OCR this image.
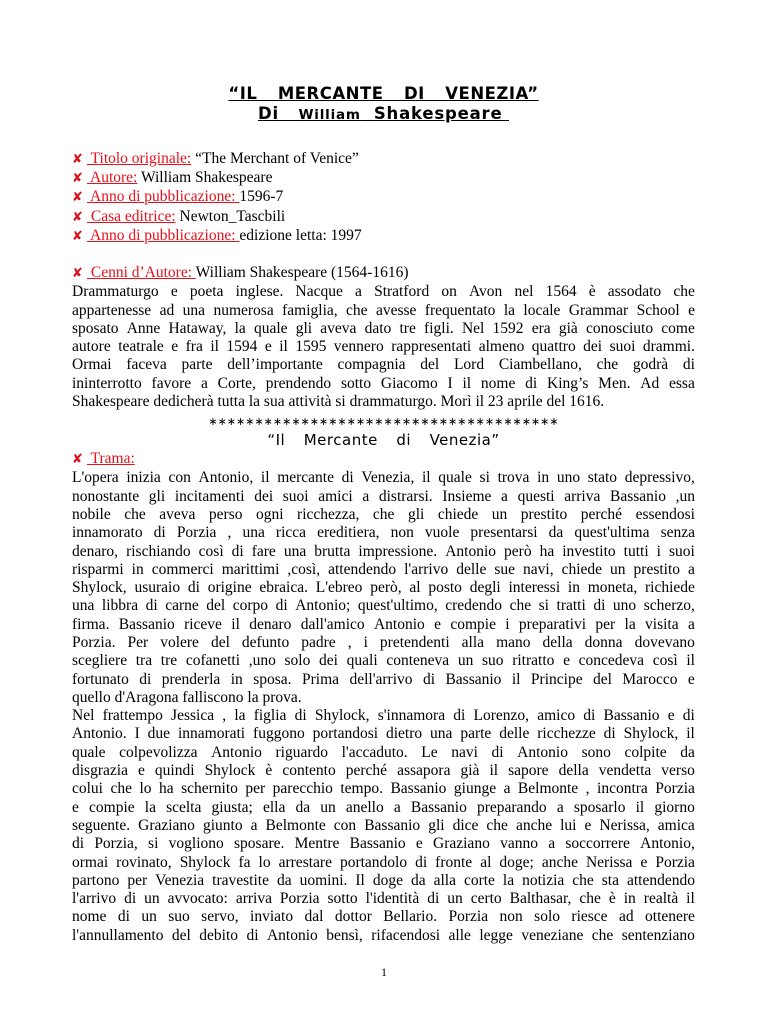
“IL  MERCANTE  DI  VENEZIA”
Di William Shakespeare
✘ Titolo originale: “The Merchant of Venice”
✘ Autore: William Shakespeare
✘ Anno di pubblicazione: 1596-7
✘ Casa editrice: Newton_Tascbili
✘ Anno di pubblicazione: edizione letta: 1997
✘ Cenni d’Autore: William Shakespeare (1564-1616)
Drammaturgo e poeta inglese. Nacque a Stratford on Avon nel 1564 è assodato che
appartenesse ad una numerosa famiglia, che avesse frequentato la locale Grammar School e
sposato Anne Hataway, la quale gli aveva dato tre figli. Nel 1592 era già conosciuto come
autore teatrale e fra il 1594 e il 1595 vennero rappresentati almeno quattro dei suoi drammi.
Ormai faceva parte dell’importante compagnia del Lord Ciambellano, che godrà di
ininterrotto favore a Corte, prendendo sotto Giacomo I il nome di King’s Men. Ad essa
Shakespeare dedicherà tutta la sua attività si drammaturgo. Morì il 23 aprile del 1616.
∗∗∗∗∗∗∗∗∗∗∗∗∗∗∗∗∗∗∗∗∗∗∗∗∗∗∗∗∗∗∗∗∗∗∗∗∗∗
“Il  Mercante  di  Venezia”
✘ Trama:
L'opera inizia con Antonio, il mercante di Venezia, il quale si trova in uno stato depressivo,
nonostante gli incitamenti dei suoi amici a distrarsi. Insieme a questi arriva Bassanio ,un
nobile che aveva perso ogni ricchezza, che gli chiede un prestito perché essendosi
innamorato di Porzia , una ricca ereditiera, non vuole presentarsi da quest'ultima senza
denaro, rischiando così di fare una brutta impressione. Antonio però ha investito tutti i suoi
risparmi in commerci marittimi ,così, attendendo l'arrivo delle sue navi, chiede un prestito a
Shylock, usuraio di origine ebraica. L'ebreo però, al posto degli interessi in moneta, richiede
una libbra di carne del corpo di Antonio; quest'ultimo, credendo che si tratti di uno scherzo,
firma. Bassanio riceve il denaro dall'amico Antonio e compie i preparativi per la visita a
Porzia. Per volere del defunto padre , i pretendenti alla mano della donna dovevano
scegliere tra tre cofanetti ,uno solo dei quali conteneva un suo ritratto e concedeva così il
fortunato di prenderla in sposa. Prima dell'arrivo di Bassanio il Principe del Marocco e
quello d'Aragona falliscono la prova.
Nel frattempo Jessica , la figlia di Shylock, s'innamora di Lorenzo, amico di Bassanio e di
Antonio. I due innamorati fuggono portandosi dietro una parte delle ricchezze di Shylock, il
quale colpevolizza Antonio riguardo l'accaduto. Le navi di Antonio sono colpite da
disgrazia e quindi Shylock è contento perché assapora già il sapore della vendetta verso
colui che lo ha schernito per parecchio tempo. Bassanio giunge a Belmonte , incontra Porzia
e compie la scelta giusta; ella da un anello a Bassanio preparando a sposarlo il giorno
seguente. Graziano giunto a Belmonte con Bassanio gli dice che anche lui e Nerissa, amica
di Porzia, si vogliono sposare. Mentre Bassanio e Graziano vanno a soccorrere Antonio,
ormai rovinato, Shylock fa lo arrestare portandolo di fronte al doge; anche Nerissa e Porzia
partono per Venezia travestite da uomini. Il doge da alla corte la notizia che sta attendendo
l'arrivo di un avvocato: arriva Porzia sotto l'identità di un certo Balthasar, che è in realtà il
nome di un suo servo, inviato dal dottor Bellario. Porzia non solo riesce ad ottenere
l'annullamento del debito di Antonio bensì, rifacendosi alle legge veneziane che sentenziano
1
